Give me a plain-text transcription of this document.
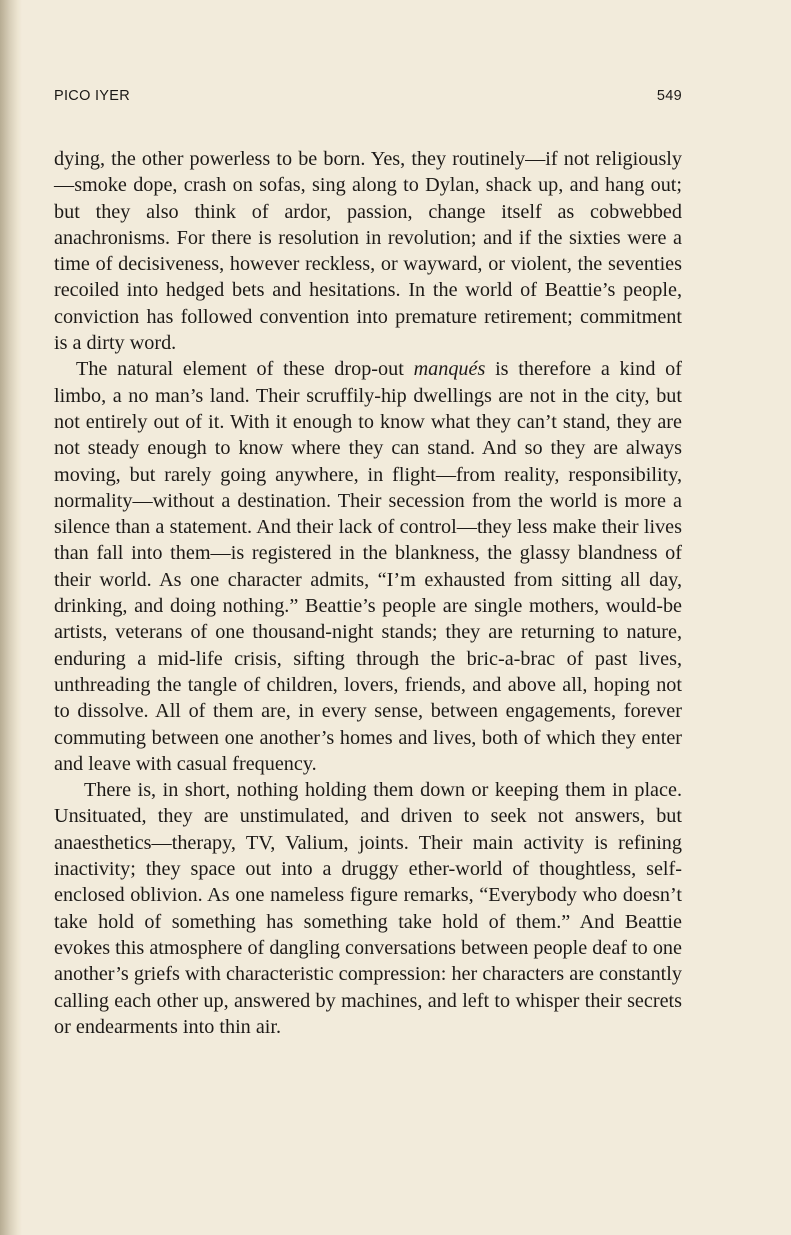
PICO IYER	549

dying, the other powerless to be born. Yes, they routinely—if not religiously—smoke dope, crash on sofas, sing along to Dylan, shack up, and hang out; but they also think of ardor, passion, change itself as cobwebbed anachronisms. For there is resolution in revolution; and if the sixties were a time of decisiveness, however reckless, or wayward, or violent, the seventies recoiled into hedged bets and hesitations. In the world of Beattie’s people, conviction has followed convention into premature retirement; commitment is a dirty word.

The natural element of these drop-out manqués is therefore a kind of limbo, a no man’s land. Their scruffily-hip dwellings are not in the city, but not entirely out of it. With it enough to know what they can’t stand, they are not steady enough to know where they can stand. And so they are always moving, but rarely going anywhere, in flight—from reality, responsibility, normality—without a destination. Their secession from the world is more a silence than a statement. And their lack of control—they less make their lives than fall into them—is registered in the blankness, the glassy blandness of their world. As one character admits, “I’m exhausted from sitting all day, drinking, and doing nothing.” Beattie’s people are single mothers, would-be artists, veterans of one thousand-night stands; they are returning to nature, enduring a mid-life crisis, sifting through the bric-a-brac of past lives, unthreading the tangle of children, lovers, friends, and above all, hoping not to dissolve. All of them are, in every sense, between engagements, forever commuting between one another’s homes and lives, both of which they enter and leave with casual frequency.

There is, in short, nothing holding them down or keeping them in place. Unsituated, they are unstimulated, and driven to seek not answers, but anaesthetics—therapy, TV, Valium, joints. Their main activity is refining inactivity; they space out into a druggy ether-world of thoughtless, self-enclosed oblivion. As one nameless figure remarks, “Everybody who doesn’t take hold of something has something take hold of them.” And Beattie evokes this atmosphere of dangling conversations between people deaf to one another’s griefs with characteristic compression: her characters are constantly calling each other up, answered by machines, and left to whisper their secrets or endearments into thin air.
